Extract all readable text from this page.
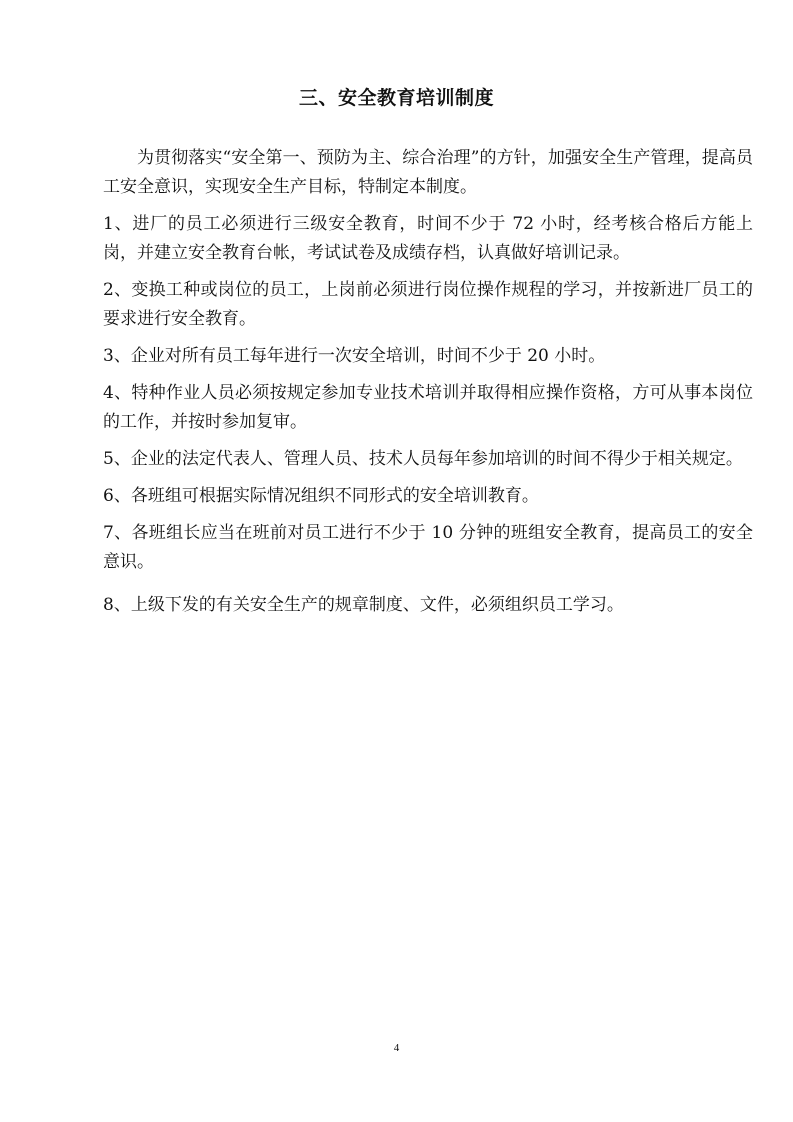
三、安全教育培训制度

为贯彻落实“安全第一、预防为主、综合治理”的方针，加强安全生产管理，提高员工安全意识，实现安全生产目标，特制定本制度。

1、进厂的员工必须进行三级安全教育，时间不少于 72 小时，经考核合格后方能上岗，并建立安全教育台帐，考试试卷及成绩存档，认真做好培训记录。

2、变换工种或岗位的员工，上岗前必须进行岗位操作规程的学习，并按新进厂员工的要求进行安全教育。

3、企业对所有员工每年进行一次安全培训，时间不少于 20 小时。

4、特种作业人员必须按规定参加专业技术培训并取得相应操作资格，方可从事本岗位的工作，并按时参加复审。

5、企业的法定代表人、管理人员、技术人员每年参加培训的时间不得少于相关规定。

6、各班组可根据实际情况组织不同形式的安全培训教育。

7、各班组长应当在班前对员工进行不少于 10 分钟的班组安全教育，提高员工的安全意识。

8、上级下发的有关安全生产的规章制度、文件，必须组织员工学习。

4
